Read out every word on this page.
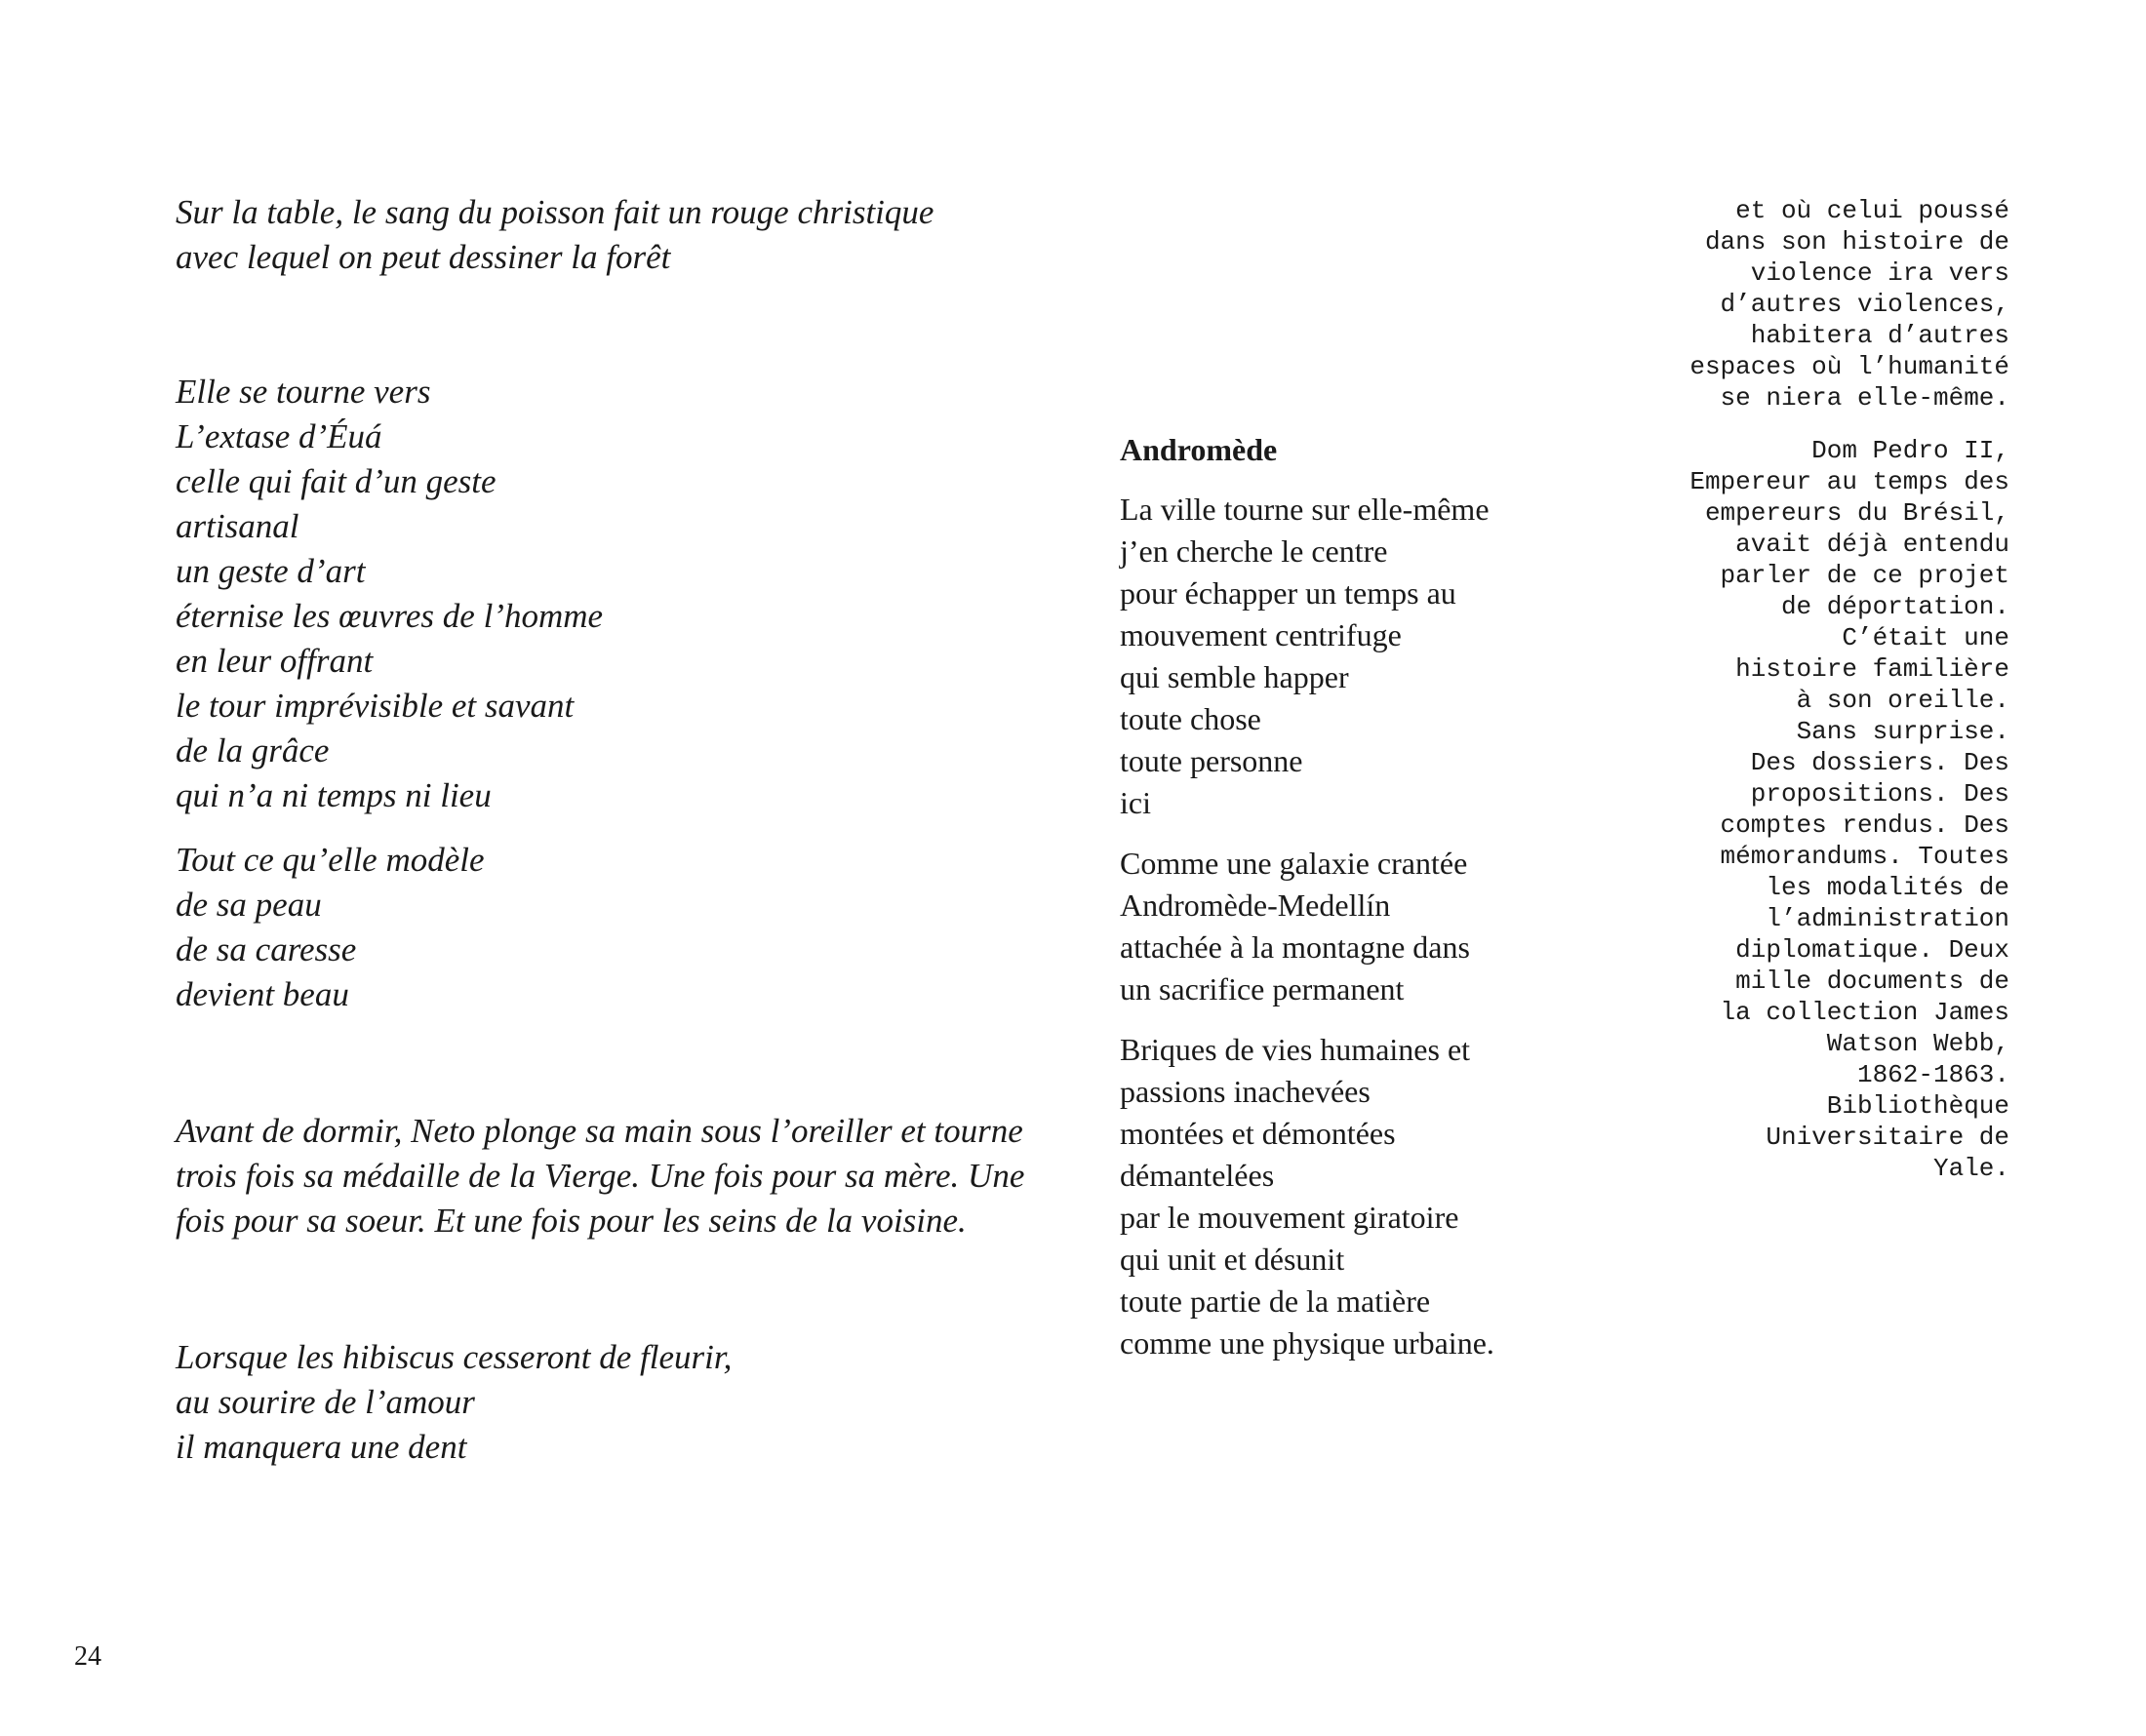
Sur la table, le sang du poisson fait un rouge christique
avec lequel on peut dessiner la forêt

Elle se tourne vers
L’extase d’Éuá
celle qui fait d’un geste
artisanal
un geste d’art
éternise les œuvres de l’homme
en leur offrant
le tour imprévisible et savant
de la grâce
qui n’a ni temps ni lieu

Tout ce qu’elle modèle
de sa peau
de sa caresse
devient beau

Avant de dormir, Neto plonge sa main sous l’oreiller et tourne trois fois sa médaille de la Vierge. Une fois pour sa mère. Une fois pour sa soeur. Et une fois pour les seins de la voisine.

Lorsque les hibiscus cesseront de fleurir,
au sourire de l’amour
il manquera une dent

Andromède

La ville tourne sur elle-même
j’en cherche le centre
pour échapper un temps au
mouvement centrifuge
qui semble happer
toute chose
toute personne
ici

Comme une galaxie crantée
Andromède-Medellín
attachée à la montagne dans
un sacrifice permanent

Briques de vies humaines et
passions inachevées
montées et démontées
démantelées
par le mouvement giratoire
qui unit et désunit
toute partie de la matière
comme une physique urbaine.

et où celui poussé
dans son histoire de
violence ira vers
d’autres violences,
habitera d’autres
espaces où l’humanité
se niera elle-même.

Dom Pedro II,
Empereur au temps des
empereurs du Brésil,
avait déjà entendu
parler de ce projet
de déportation.
C’était une
histoire familière
à son oreille.
Sans surprise.
Des dossiers. Des
propositions. Des
comptes rendus. Des
mémorandums. Toutes
les modalités de
l’administration
diplomatique. Deux
mille documents de
la collection James
Watson Webb,
1862-1863.
Bibliothèque
Universitaire de
Yale.

24
